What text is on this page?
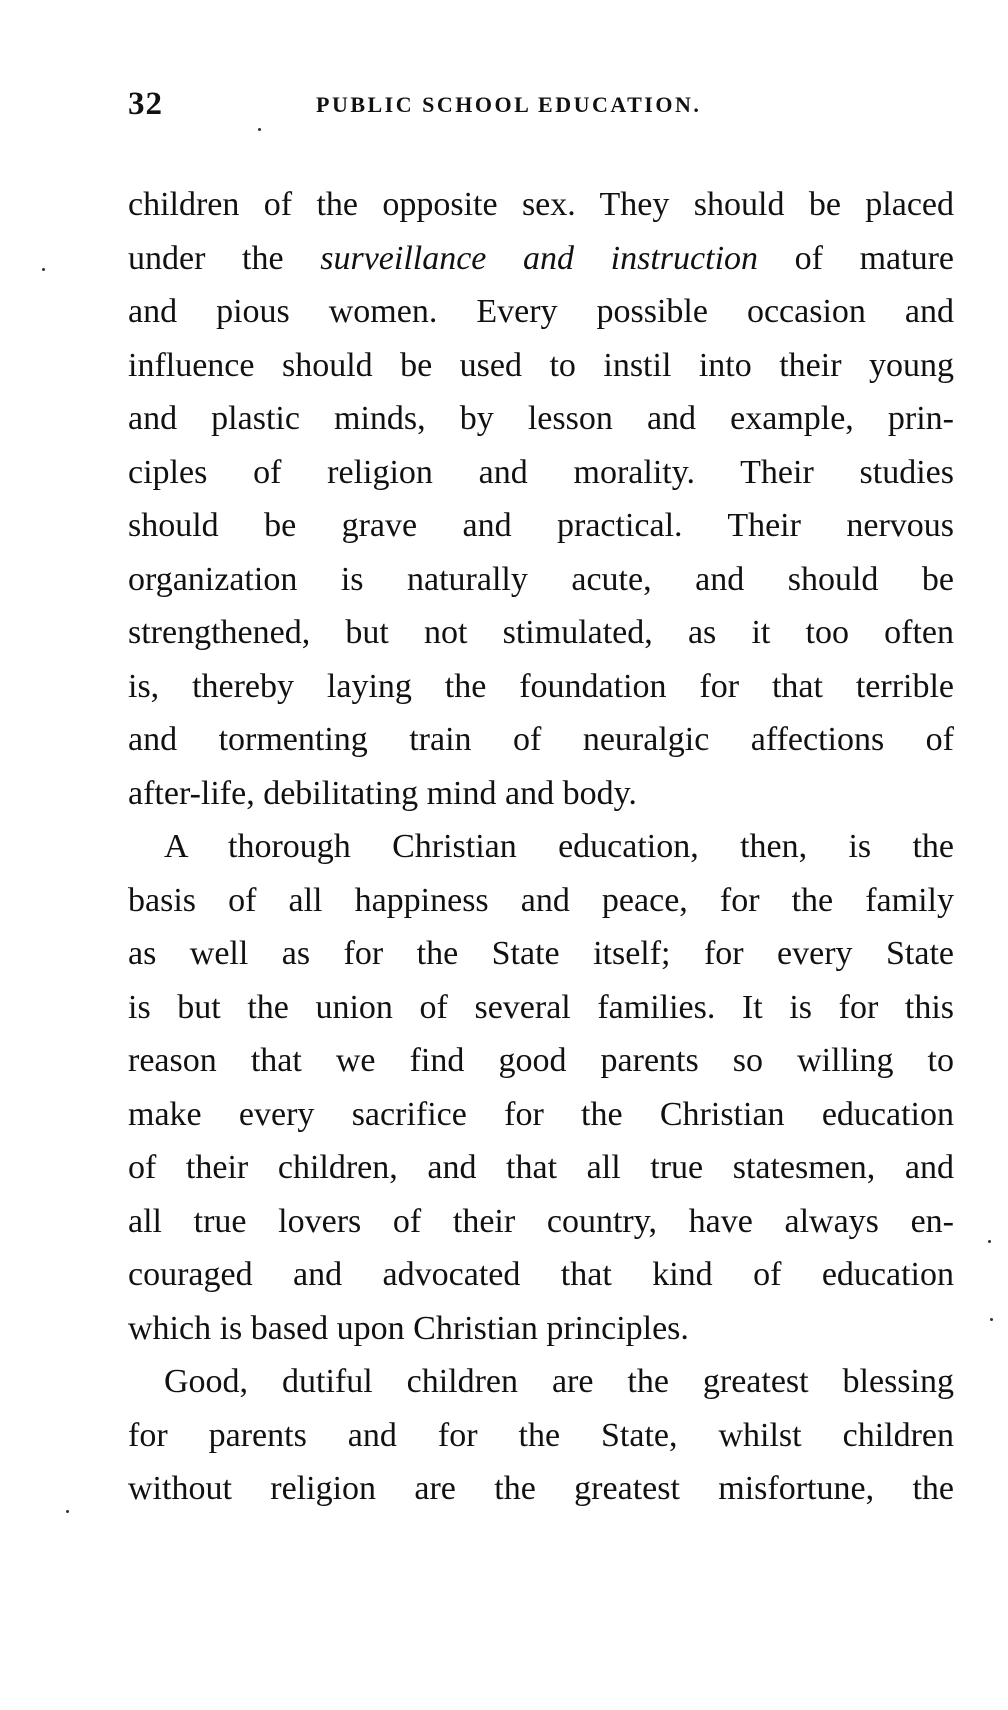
32	PUBLIC SCHOOL EDUCATION.
children of the opposite sex. They should be placed
under the surveillance and instruction of mature
and pious women. Every possible occasion and
influence should be used to instil into their young
and plastic minds, by lesson and example, prin-
ciples of religion and morality. Their studies
should be grave and practical. Their nervous
organization is naturally acute, and should be
strengthened, but not stimulated, as it too often
is, thereby laying the foundation for that terrible
and tormenting train of neuralgic affections of
after-life, debilitating mind and body.
A thorough Christian education, then, is the
basis of all happiness and peace, for the family
as well as for the State itself; for every State
is but the union of several families. It is for this
reason that we find good parents so willing to
make every sacrifice for the Christian education
of their children, and that all true statesmen, and
all true lovers of their country, have always en-
couraged and advocated that kind of education
which is based upon Christian principles.
Good, dutiful children are the greatest blessing
for parents and for the State, whilst children
without religion are the greatest misfortune, the
